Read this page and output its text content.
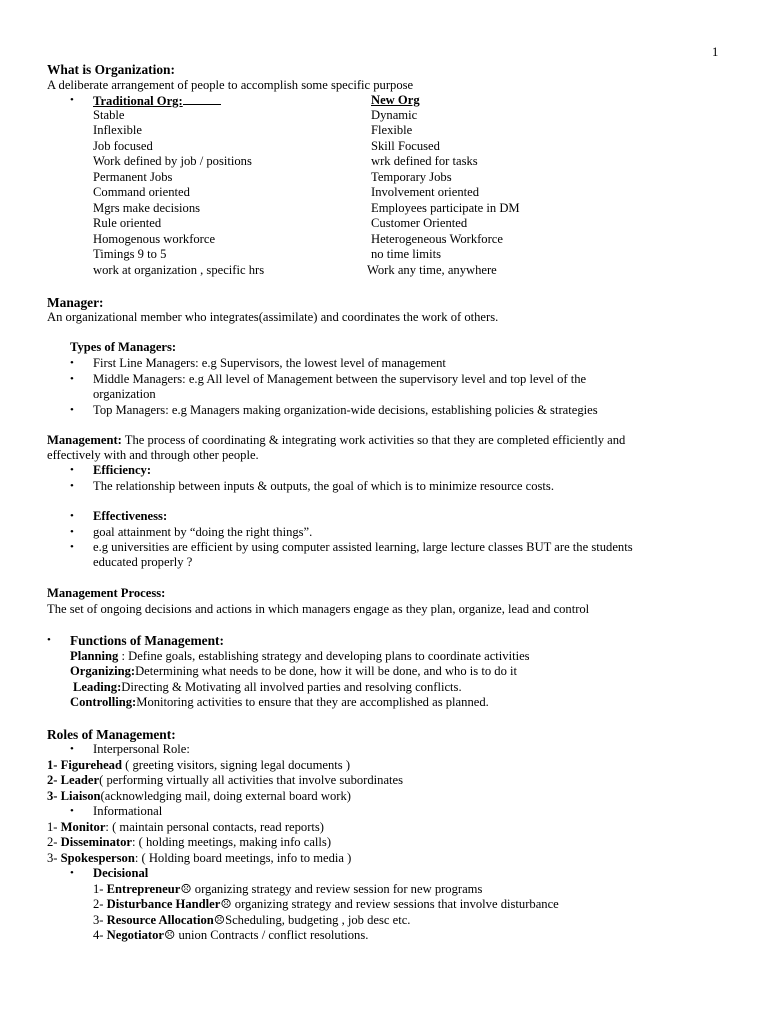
1
What is Organization:
A deliberate arrangement of people to accomplish some specific purpose
• Traditional Org:	New Org
Stable	Dynamic
Inflexible	Flexible
Job focused	Skill Focused
Work defined by job / positions	wrk defined for tasks
Permanent Jobs	Temporary Jobs
Command oriented	Involvement oriented
Mgrs make decisions	Employees participate in DM
Rule oriented	Customer Oriented
Homogenous workforce	Heterogeneous Workforce
Timings 9 to 5	no time limits
work at organization , specific hrs	Work any time, anywhere
Manager:
An organizational member who integrates(assimilate) and coordinates the work of others.
Types of Managers:
• First Line Managers: e.g Supervisors, the lowest level of management
• Middle Managers: e.g All level of Management between the supervisory level and top level of the
organization
• Top Managers: e.g Managers making organization-wide decisions, establishing policies & strategies
Management: The process of coordinating & integrating work activities so that they are completed efficiently and
effectively with and through other people.
• Efficiency:
• The relationship between inputs & outputs, the goal of which is to minimize resource costs.
• Effectiveness:
• goal attainment by “doing the right things”.
• e.g universities are efficient by using computer assisted learning, large lecture classes BUT are the students
educated properly ?
Management Process:
The set of ongoing decisions and actions in which managers engage as they plan, organize, lead and control
• Functions of Management:
Planning : Define goals, establishing strategy and developing plans to coordinate activities
Organizing:Determining what needs to be done, how it will be done, and who is to do it
Leading:Directing & Motivating all involved parties and resolving conflicts.
Controlling:Monitoring activities to ensure that they are accomplished as planned.
Roles of Management:
• Interpersonal Role:
1- Figurehead ( greeting visitors, signing legal documents )
2- Leader( performing virtually all activities that involve subordinates
3- Liaison(acknowledging mail, doing external board work)
• Informational
1- Monitor: ( maintain personal contacts, read reports)
2- Disseminator: ( holding meetings, making info calls)
3- Spokesperson: ( Holding board meetings, info to media )
• Decisional
1- Entrepreneur☹ organizing strategy and review session for new programs
2- Disturbance Handler☹ organizing strategy and review sessions that involve disturbance
3- Resource Allocation☹Scheduling, budgeting , job desc etc.
4- Negotiator☹ union Contracts / conflict resolutions.
